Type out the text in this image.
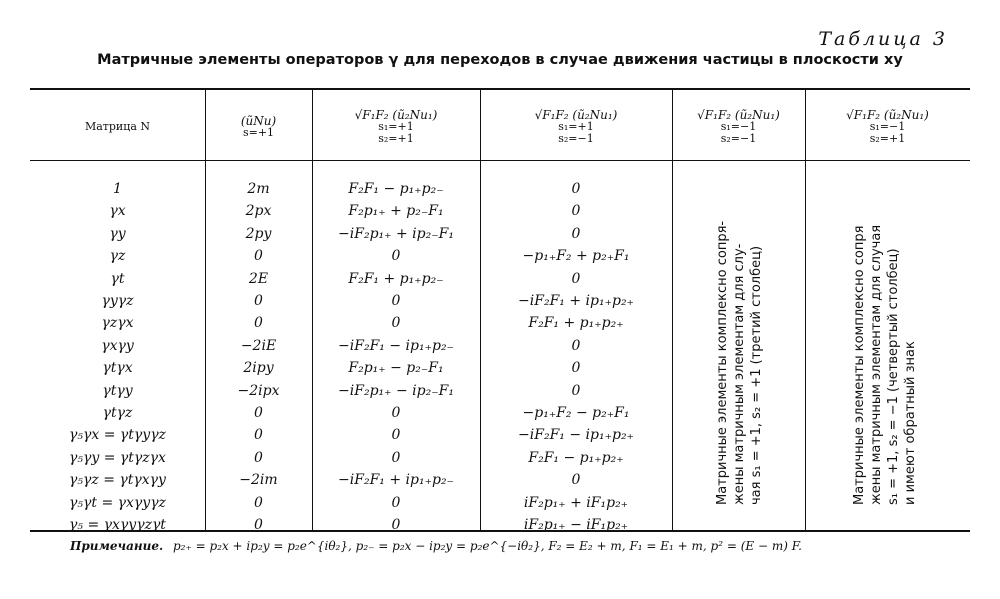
Таблица 3
Матричные элементы операторов γ для переходов в случае движения частицы в плоскости xy
Матрица N	(ũNu)
s=+1
√F₁F₂ (ũ₂Nu₁)
s₁=+1
s₂=+1
√F₁F₂ (ũ₂Nu₁)
s₁=+1
s₂=−1
√F₁F₂ (ũ₂Nu₁)
s₁=−1
s₂=−1
√F₁F₂ (ũ₂Nu₁)
s₁=−1
s₂=+1
1	2m	F₂F₁ − p₁₊p₂₋	0
γx	2px	F₂p₁₊ + p₂₋F₁	0
γy	2py	−iF₂p₁₊ + ip₂₋F₁	0
γz	0	0	−p₁₊F₂ + p₂₊F₁
γt	2E	F₂F₁ + p₁₊p₂₋	0
γyγz	0	0	−iF₂F₁ + ip₁₊p₂₊
γzγx	0	0	F₂F₁ + p₁₊p₂₊
γxγy	−2iE	−iF₂F₁ − ip₁₊p₂₋	0
γtγx	2ipy	F₂p₁₊ − p₂₋F₁	0
γtγy	−2ipx	−iF₂p₁₊ − ip₂₋F₁	0
γtγz	0	0	−p₁₊F₂ − p₂₊F₁
γ₅γx = γtγyγz	0	0	−iF₂F₁ − ip₁₊p₂₊
γ₅γy = γtγzγx	0	0	F₂F₁ − p₁₊p₂₊
γ₅γz = γtγxγy	−2im	−iF₂F₁ + ip₁₊p₂₋	0
γ₅γt = γxγyγz	0	0	iF₂p₁₊ + iF₁p₂₊
γ₅ = γxγyγzγt	0	0	iF₂p₁₊ − iF₁p₂₊
Матричные элементы комплексно сопря- жены матричным элементам для слу- чая s₁ = +1, s₂ = +1 (третий столбец)	Матричные элементы комплексно сопря жены матричным элементам для случая s₁ = +1, s₂ = −1 (четвертый столбец) и имеют обратный знак
Примечание. p₂₊ = p₂x + ip₂y = p₂e^{iθ₂}, p₂₋ = p₂x − ip₂y = p₂e^{−iθ₂}, F₂ = E₂ + m, F₁ = E₁ + m, p² = (E − m) F.
